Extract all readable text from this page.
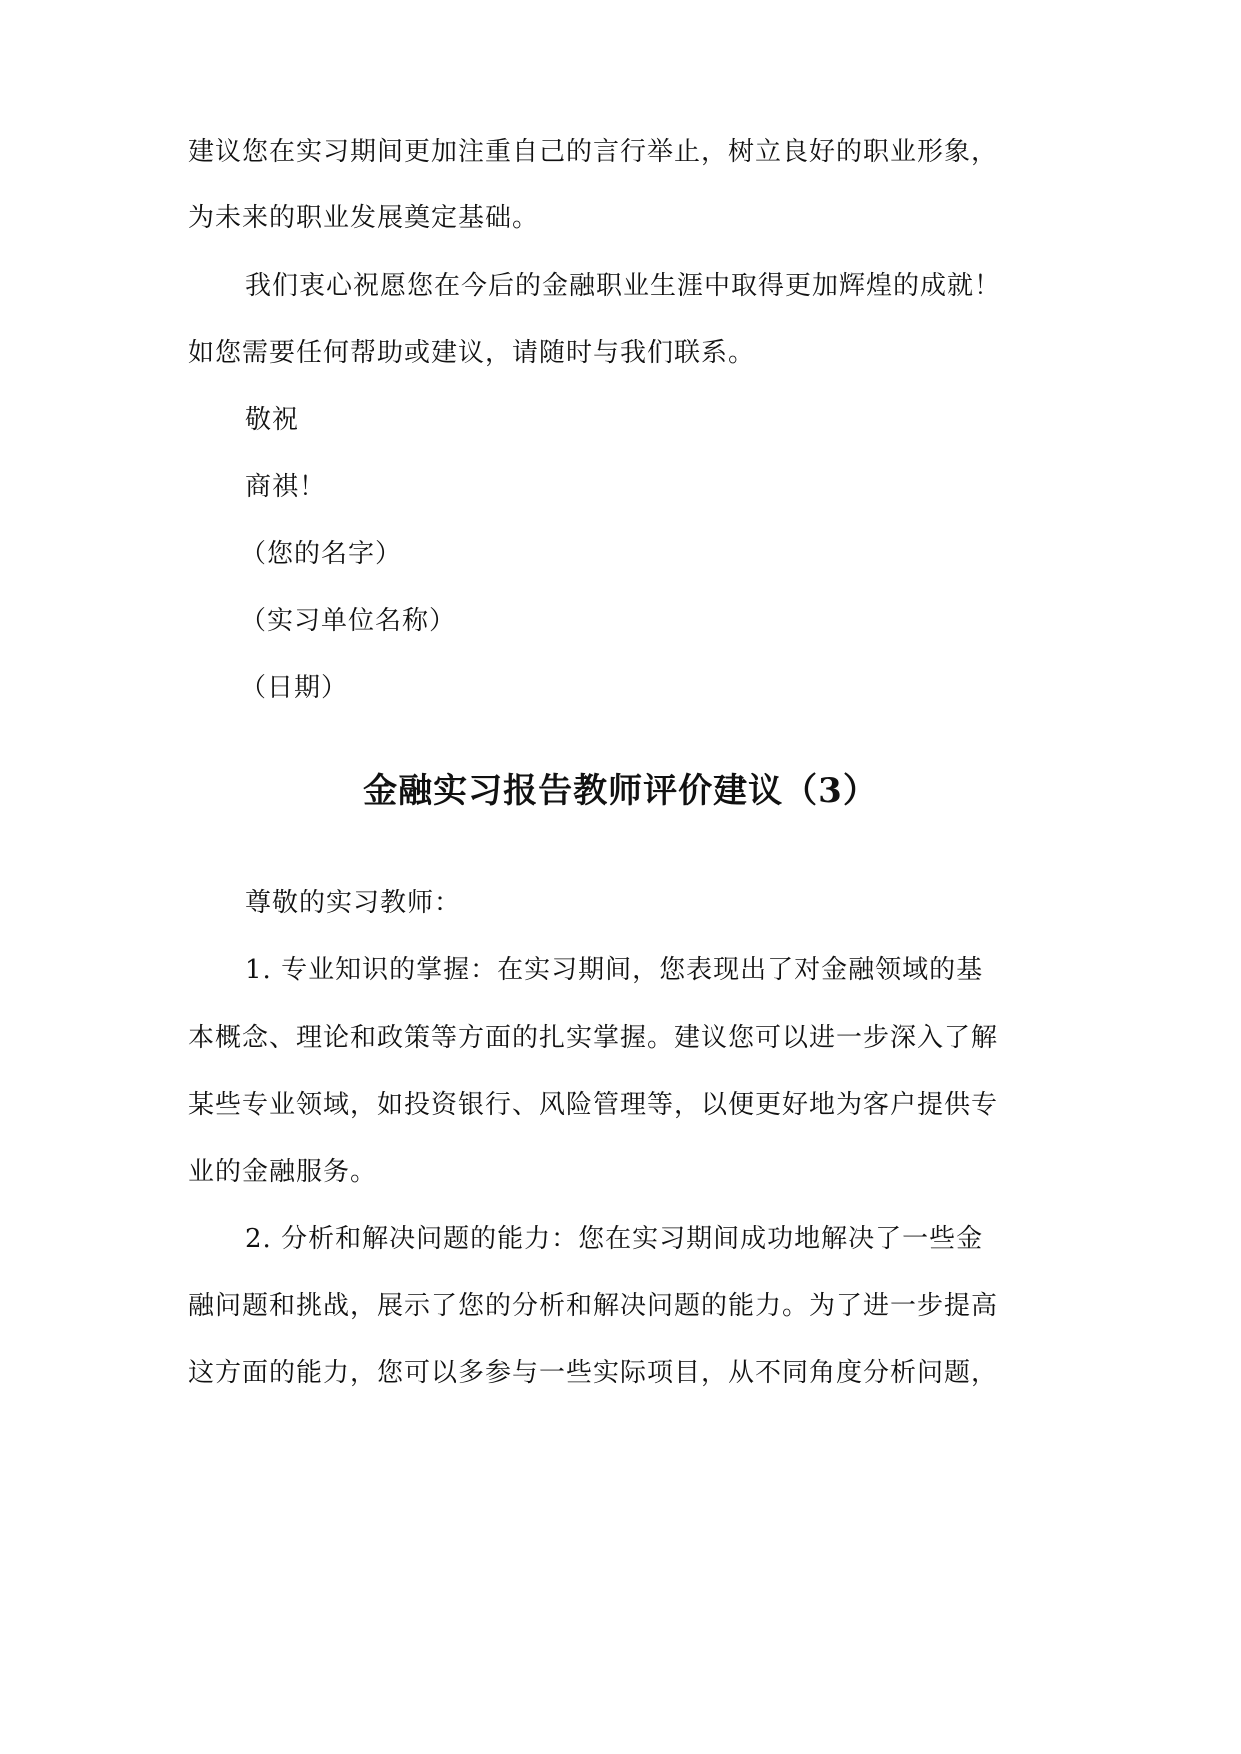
建议您在实习期间更加注重自己的言行举止，树立良好的职业形象，
为未来的职业发展奠定基础。
我们衷心祝愿您在今后的金融职业生涯中取得更加辉煌的成就！
如您需要任何帮助或建议，请随时与我们联系。
敬祝
商祺！
（您的名字）
（实习单位名称）
（日期）
金融实习报告教师评价建议（3）
尊敬的实习教师：
1. 专业知识的掌握：在实习期间，您表现出了对金融领域的基
本概念、理论和政策等方面的扎实掌握。建议您可以进一步深入了解
某些专业领域，如投资银行、风险管理等，以便更好地为客户提供专
业的金融服务。
2. 分析和解决问题的能力：您在实习期间成功地解决了一些金
融问题和挑战，展示了您的分析和解决问题的能力。为了进一步提高
这方面的能力，您可以多参与一些实际项目，从不同角度分析问题，
